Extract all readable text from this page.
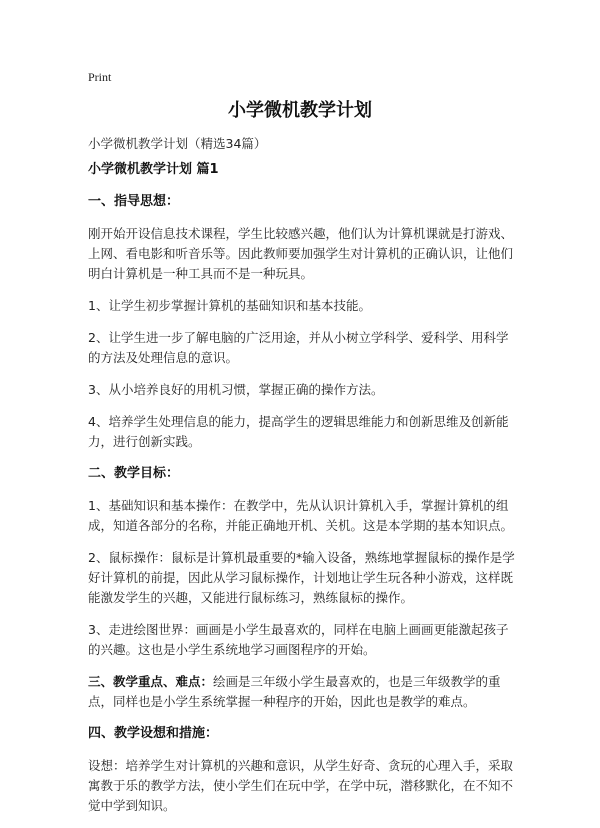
Print
小学微机教学计划
小学微机教学计划（精选34篇）
小学微机教学计划 篇1
一、指导思想：

刚开始开设信息技术课程，学生比较感兴趣，他们认为计算机课就是打游戏、上网、看电影和听音乐等。因此教师要加强学生对计算机的正确认识，让他们明白计算机是一种工具而不是一种玩具。

1、让学生初步掌握计算机的基础知识和基本技能。

2、让学生进一步了解电脑的广泛用途，并从小树立学科学、爱科学、用科学的方法及处理信息的意识。

3、从小培养良好的用机习惯，掌握正确的操作方法。

4、培养学生处理信息的能力，提高学生的逻辑思维能力和创新思维及创新能力，进行创新实践。

二、教学目标：

1、基础知识和基本操作：在教学中，先从认识计算机入手，掌握计算机的组成，知道各部分的名称，并能正确地开机、关机。这是本学期的基本知识点。

2、鼠标操作：鼠标是计算机最重要的*输入设备，熟练地掌握鼠标的操作是学好计算机的前提，因此从学习鼠标操作，计划地让学生玩各种小游戏，这样既能激发学生的兴趣，又能进行鼠标练习，熟练鼠标的操作。

3、走进绘图世界：画画是小学生最喜欢的，同样在电脑上画画更能激起孩子的兴趣。这也是小学生系统地学习画图程序的开始。

三、教学重点、难点：绘画是三年级小学生最喜欢的，也是三年级教学的重点，同样也是小学生系统掌握一种程序的开始，因此也是教学的难点。

四、教学设想和措施：

设想：培养学生对计算机的兴趣和意识，从学生好奇、贪玩的心理入手，采取寓教于乐的教学方法，使小学生们在玩中学，在学中玩，潜移默化，在不知不觉中学到知识。
